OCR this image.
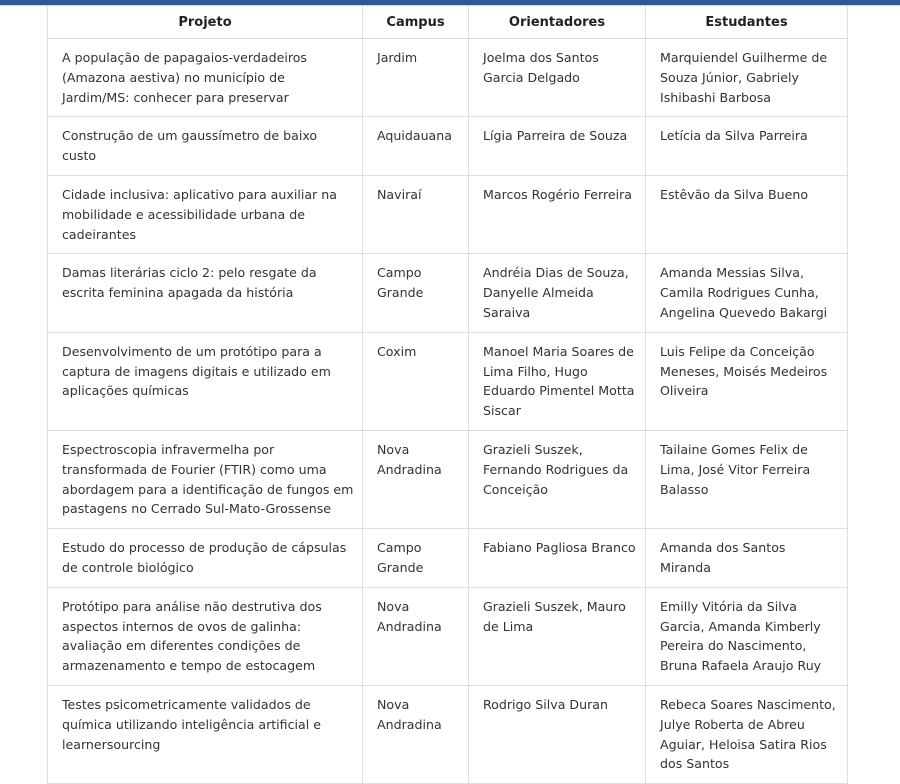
Projeto	Campus	Orientadores	Estudantes
A população de papagaios-verdadeiros (Amazona aestiva) no município de Jardim/MS: conhecer para preservar	Jardim	Joelma dos Santos Garcia Delgado	Marquiendel Guilherme de Souza Júnior, Gabriely Ishibashi Barbosa
Construção de um gaussímetro de baixo custo	Aquidauana	Lígia Parreira de Souza	Letícia da Silva Parreira
Cidade inclusiva: aplicativo para auxiliar na mobilidade e acessibilidade urbana de cadeirantes	Naviraí	Marcos Rogério Ferreira	Estêvão da Silva Bueno
Damas literárias ciclo 2: pelo resgate da escrita feminina apagada da história	Campo Grande	Andréia Dias de Souza, Danyelle Almeida Saraiva	Amanda Messias Silva, Camila Rodrigues Cunha, Angelina Quevedo Bakargi
Desenvolvimento de um protótipo para a captura de imagens digitais e utilizado em aplicações químicas	Coxim	Manoel Maria Soares de Lima Filho, Hugo Eduardo Pimentel Motta Siscar	Luis Felipe da Conceição Meneses, Moisés Medeiros Oliveira
Espectroscopia infravermelha por transformada de Fourier (FTIR) como uma abordagem para a identificação de fungos em pastagens no Cerrado Sul-Mato-Grossense	Nova Andradina	Grazieli Suszek, Fernando Rodrigues da Conceição	Tailaine Gomes Felix de Lima, José Vitor Ferreira Balasso
Estudo do processo de produção de cápsulas de controle biológico	Campo Grande	Fabiano Pagliosa Branco	Amanda dos Santos Miranda
Protótipo para análise não destrutiva dos aspectos internos de ovos de galinha: avaliação em diferentes condições de armazenamento e tempo de estocagem	Nova Andradina	Grazieli Suszek, Mauro de Lima	Emilly Vitória da Silva Garcia, Amanda Kimberly Pereira do Nascimento, Bruna Rafaela Araujo Ruy
Testes psicometricamente validados de química utilizando inteligência artificial e learnersourcing	Nova Andradina	Rodrigo Silva Duran	Rebeca Soares Nascimento, Julye Roberta de Abreu Aguiar, Heloisa Satira Rios dos Santos
